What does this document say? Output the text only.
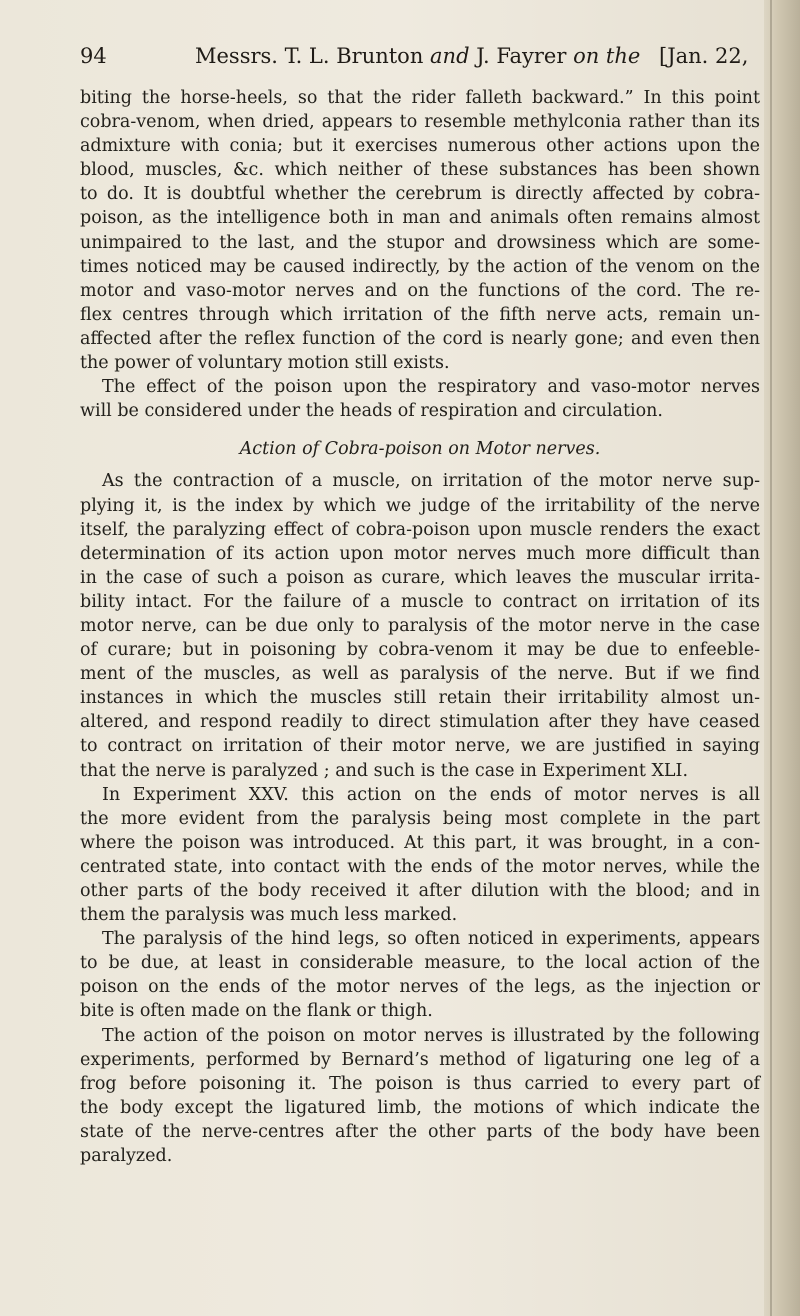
94	Messrs. T. L. Brunton and J. Fayrer on the [Jan. 22,
biting the horse-heels, so that the rider falleth backward.” In this point
cobra-venom, when dried, appears to resemble methylconia rather than its
admixture with conia; but it exercises numerous other actions upon the
blood, muscles, &c. which neither of these substances has been shown
to do. It is doubtful whether the cerebrum is directly affected by cobra-
poison, as the intelligence both in man and animals often remains almost
unimpaired to the last, and the stupor and drowsiness which are some-
times noticed may be caused indirectly, by the action of the venom on the
motor and vaso-motor nerves and on the functions of the cord. The re-
flex centres through which irritation of the fifth nerve acts, remain un-
affected after the reflex function of the cord is nearly gone; and even then
the power of voluntary motion still exists.
The effect of the poison upon the respiratory and vaso-motor nerves
will be considered under the heads of respiration and circulation.
Action of Cobra-poison on Motor nerves.
As the contraction of a muscle, on irritation of the motor nerve sup-
plying it, is the index by which we judge of the irritability of the nerve
itself, the paralyzing effect of cobra-poison upon muscle renders the exact
determination of its action upon motor nerves much more difficult than
in the case of such a poison as curare, which leaves the muscular irrita-
bility intact. For the failure of a muscle to contract on irritation of its
motor nerve, can be due only to paralysis of the motor nerve in the case
of curare; but in poisoning by cobra-venom it may be due to enfeeble-
ment of the muscles, as well as paralysis of the nerve. But if we find
instances in which the muscles still retain their irritability almost un-
altered, and respond readily to direct stimulation after they have ceased
to contract on irritation of their motor nerve, we are justified in saying
that the nerve is paralyzed ; and such is the case in Experiment XLI.
In Experiment XXV. this action on the ends of motor nerves is all
the more evident from the paralysis being most complete in the part
where the poison was introduced. At this part, it was brought, in a con-
centrated state, into contact with the ends of the motor nerves, while the
other parts of the body received it after dilution with the blood; and in
them the paralysis was much less marked.
The paralysis of the hind legs, so often noticed in experiments, appears
to be due, at least in considerable measure, to the local action of the
poison on the ends of the motor nerves of the legs, as the injection or
bite is often made on the flank or thigh.
The action of the poison on motor nerves is illustrated by the following
experiments, performed by Bernard’s method of ligaturing one leg of a
frog before poisoning it. The poison is thus carried to every part of
the body except the ligatured limb, the motions of which indicate the
state of the nerve-centres after the other parts of the body have been
paralyzed.
